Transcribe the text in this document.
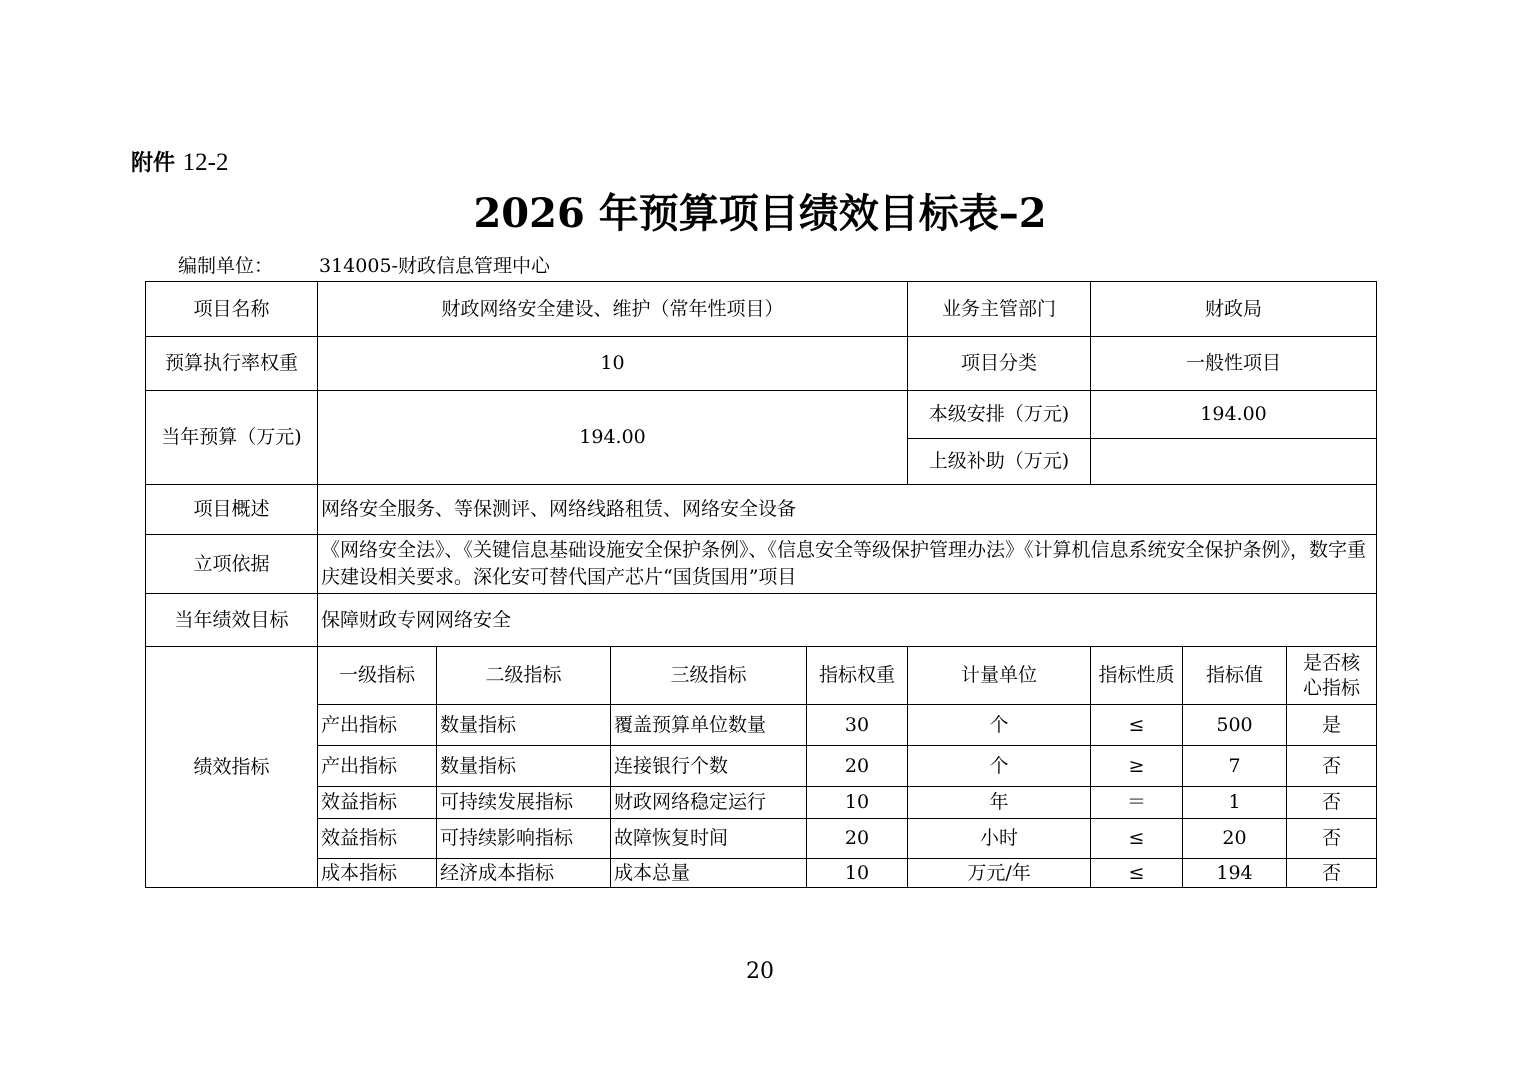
附件 12-2
2026 年预算项目绩效目标表–2
编制单位： 314005-财政信息管理中心
项目名称	财政网络安全建设、维护（常年性项目）				业务主管部门	财政局		
预算执行率权重	10				项目分类	一般性项目		
当年预算（万元)	194.00				本级安排（万元)	194.00		
					上级补助（万元)			
项目概述	网络安全服务、等保测评、网络线路租赁、网络安全设备							
立项依据	《网络安全法》、《关键信息基础设施安全保护条例》、《信息安全等级保护管理办法》《计算机信息系统安全保护条例》，数字重庆建设相关要求。深化安可替代国产芯片“国货国用”项目							
当年绩效目标	保障财政专网网络安全							
绩效指标	一级指标	二级指标	三级指标	指标权重	计量单位	指标性质	指标值	是否核心指标
	产出指标	数量指标	覆盖预算单位数量	30	个	≤	500	是
	产出指标	数量指标	连接银行个数	20	个	≥	7	否
	效益指标	可持续发展指标	财政网络稳定运行	10	年	＝	1	否
	效益指标	可持续影响指标	故障恢复时间	20	小时	≤	20	否
	成本指标	经济成本指标	成本总量	10	万元/年	≤	194	否
20
